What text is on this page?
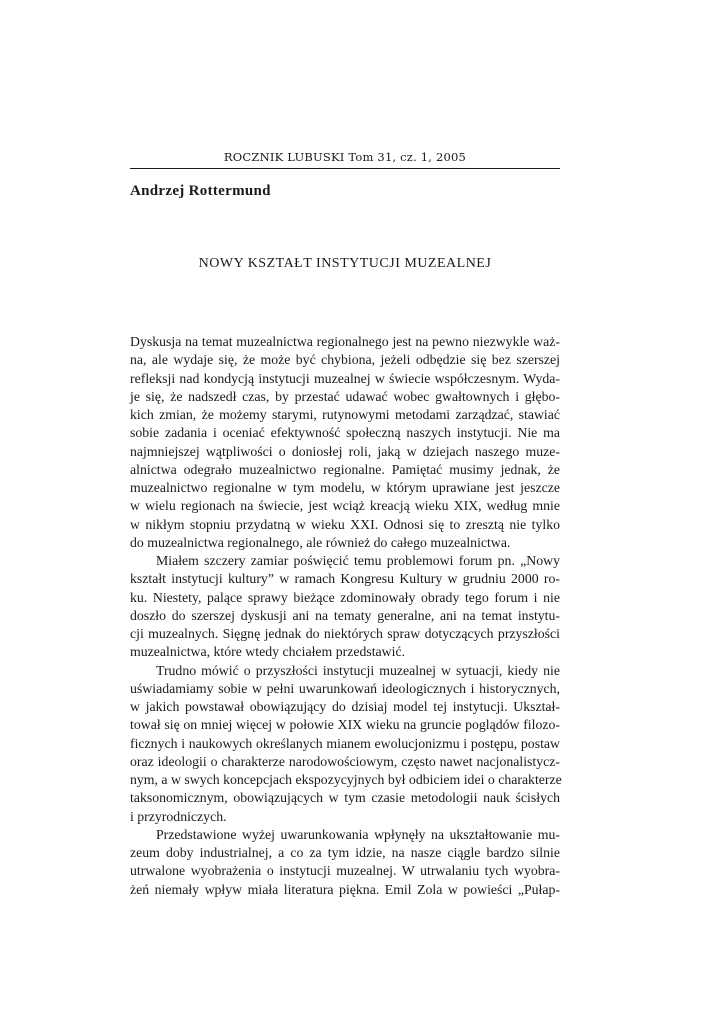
ROCZNIK LUBUSKI Tom 31, cz. 1, 2005
Andrzej Rottermund
NOWY KSZTAŁT INSTYTUCJI MUZEALNEJ
Dyskusja na temat muzealnictwa regionalnego jest na pewno niezwykle waż-
na, ale wydaje się, że może być chybiona, jeżeli odbędzie się bez szerszej
refleksji nad kondycją instytucji muzealnej w świecie współczesnym. Wyda-
je się, że nadszedł czas, by przestać udawać wobec gwałtownych i głębo-
kich zmian, że możemy starymi, rutynowymi metodami zarządzać, stawiać
sobie zadania i oceniać efektywność społeczną naszych instytucji. Nie ma
najmniejszej wątpliwości o doniosłej roli, jaką w dziejach naszego muze-
alnictwa odegrało muzealnictwo regionalne. Pamiętać musimy jednak, że
muzealnictwo regionalne w tym modelu, w którym uprawiane jest jeszcze
w wielu regionach na świecie, jest wciąż kreacją wieku XIX, według mnie
w nikłym stopniu przydatną w wieku XXI. Odnosi się to zresztą nie tylko
do muzealnictwa regionalnego, ale również do całego muzealnictwa.
Miałem szczery zamiar poświęcić temu problemowi forum pn. „Nowy
kształt instytucji kultury” w ramach Kongresu Kultury w grudniu 2000 ro-
ku. Niestety, palące sprawy bieżące zdominowały obrady tego forum i nie
doszło do szerszej dyskusji ani na tematy generalne, ani na temat instytu-
cji muzealnych. Sięgnę jednak do niektórych spraw dotyczących przyszłości
muzealnictwa, które wtedy chciałem przedstawić.
Trudno mówić o przyszłości instytucji muzealnej w sytuacji, kiedy nie
uświadamiamy sobie w pełni uwarunkowań ideologicznych i historycznych,
w jakich powstawał obowiązujący do dzisiaj model tej instytucji. Ukształ-
tował się on mniej więcej w połowie XIX wieku na gruncie poglądów filozo-
ficznych i naukowych określanych mianem ewolucjonizmu i postępu, postaw
oraz ideologii o charakterze narodowościowym, często nawet nacjonalistycz-
nym, a w swych koncepcjach ekspozycyjnych był odbiciem idei o charakterze
taksonomicznym, obowiązujących w tym czasie metodologii nauk ścisłych
i przyrodniczych.
Przedstawione wyżej uwarunkowania wpłynęły na ukształtowanie mu-
zeum doby industrialnej, a co za tym idzie, na nasze ciągle bardzo silnie
utrwalone wyobrażenia o instytucji muzealnej. W utrwalaniu tych wyobra-
żeń niemały wpływ miała literatura piękna. Emil Zola w powieści „Pułap-
